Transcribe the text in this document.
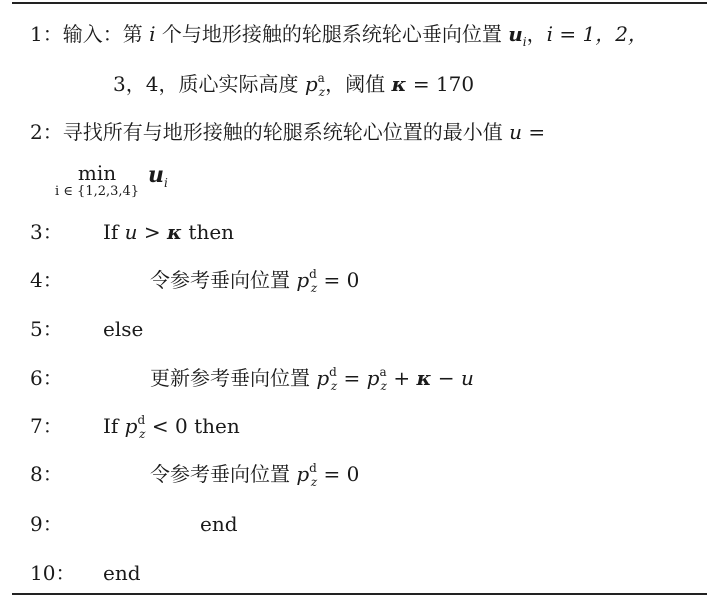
1：输入：第 i 个与地形接触的轮腿系统轮心垂向位置 $u_i$，i = 1，2，
3，4，质心实际高度 $p^a_z$，阈值 κ = 170
2：寻找所有与地形接触的轮腿系统轮心位置的最小值 u =
min
i ∈ {1,2,3,4}
$u_i$
3： If u > κ then
4：	令参考垂向位置 $p^d_z = 0$
5： else
6：	更新参考垂向位置 $p^d_z = p^a_z + \kappa - u$
7： If $p^d_z < 0$ then
8：	令参考垂向位置 $p^d_z = 0$
9：	end
10： end
